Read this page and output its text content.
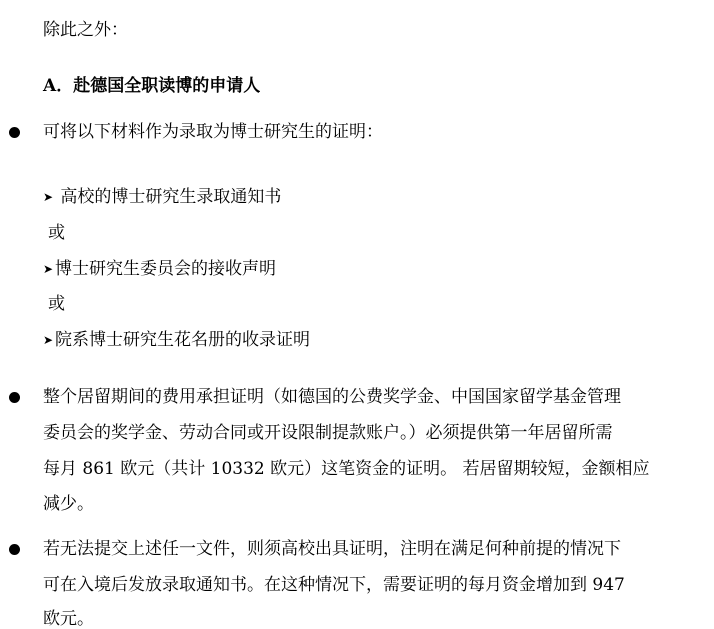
除此之外：
A．赴德国全职读博的申请人
可将以下材料作为录取为博士研究生的证明：
➤ 高校的博士研究生录取通知书
或
➤ 博士研究生委员会的接收声明
或
➤ 院系博士研究生花名册的收录证明
整个居留期间的费用承担证明（如德国的公费奖学金、中国国家留学基金管理
委员会的奖学金、劳动合同或开设限制提款账户。）必须提供第一年居留所需
每月 861 欧元（共计 10332 欧元）这笔资金的证明。 若居留期较短，金额相应
减少。
若无法提交上述任一文件，则须高校出具证明，注明在满足何种前提的情况下
可在入境后发放录取通知书。在这种情况下，需要证明的每月资金增加到 947
欧元。
